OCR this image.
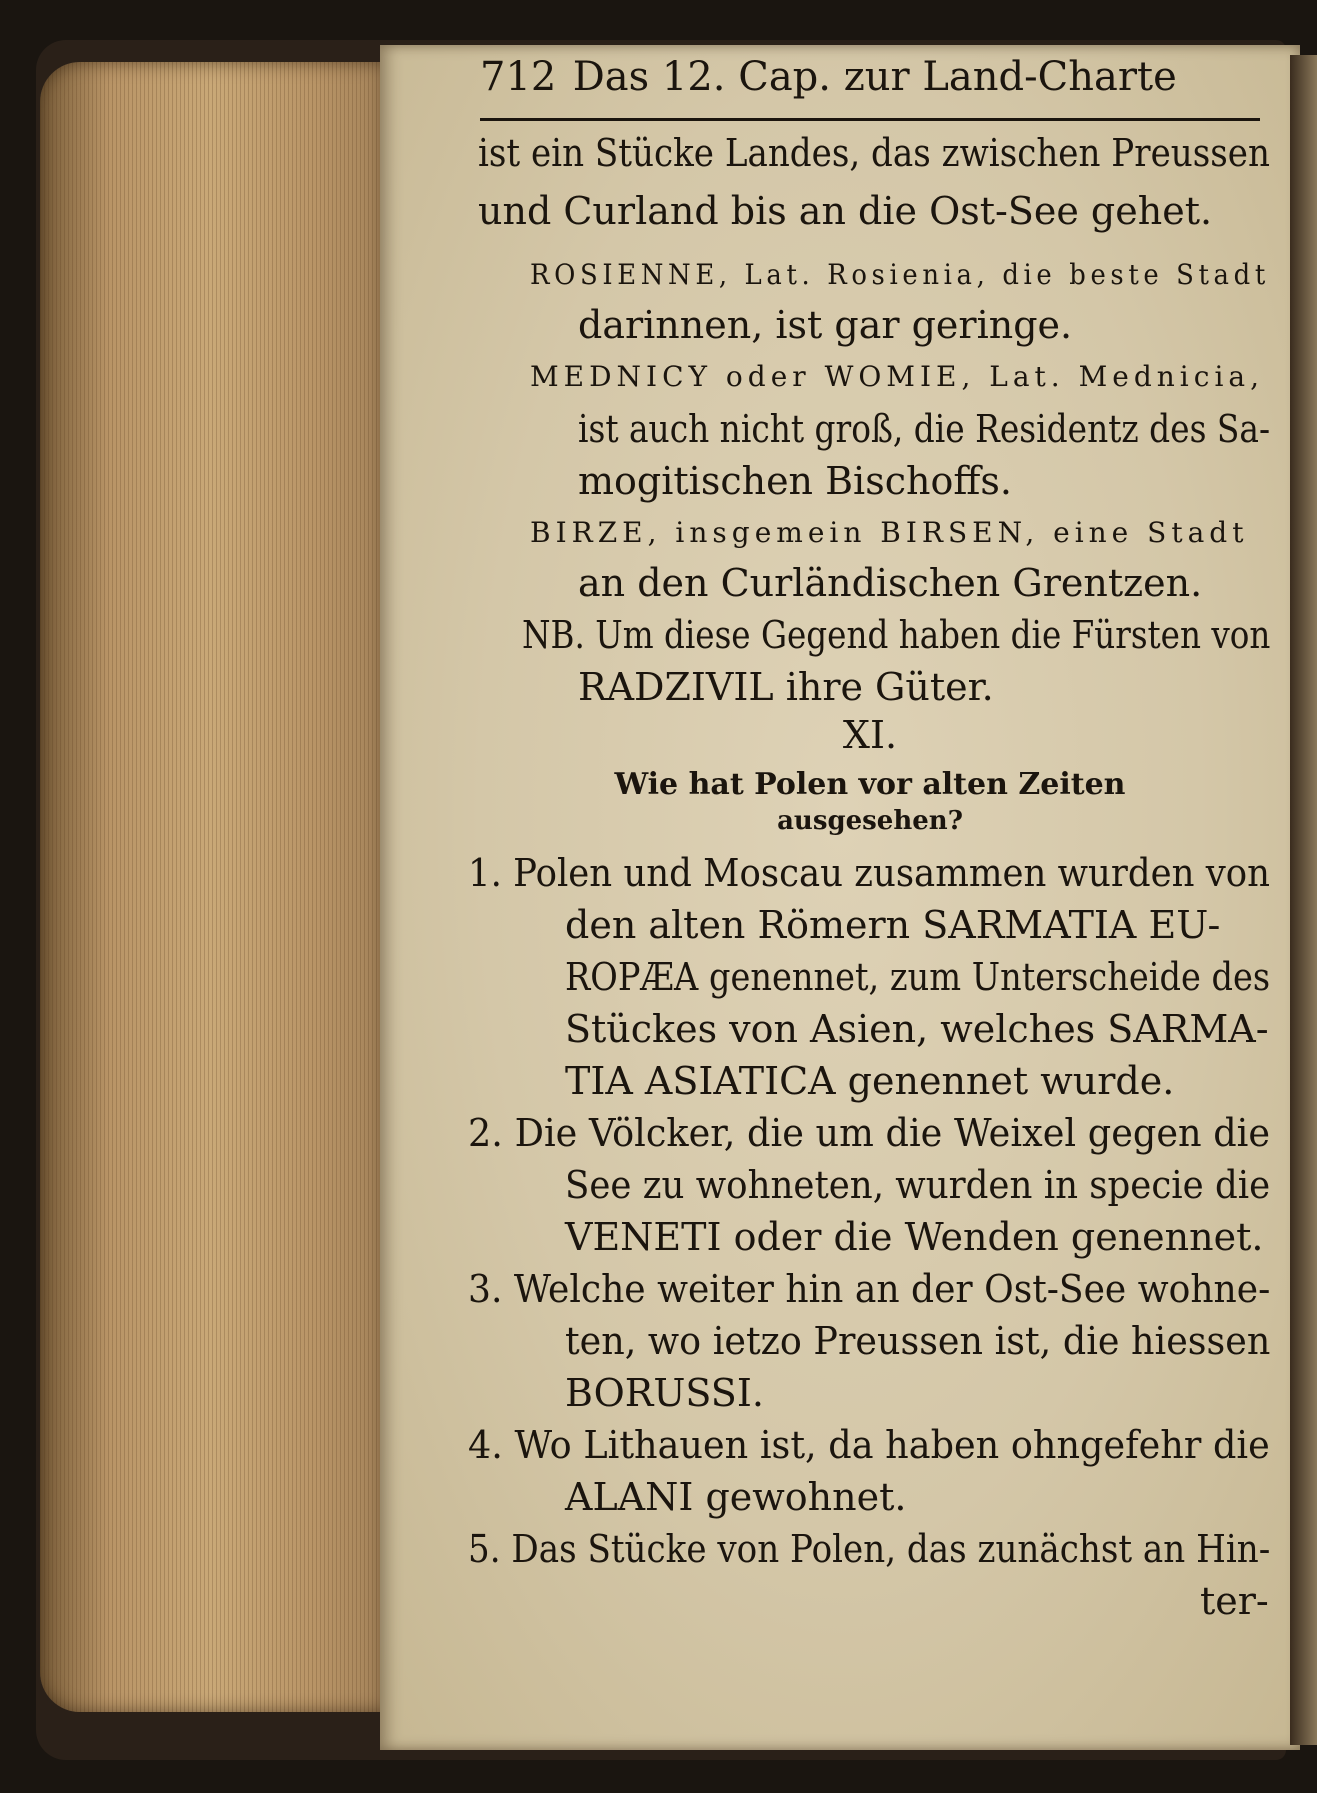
712 Das 12. Cap. zur Land-Charte
ist ein Stücke Landes, das zwischen Preussen
und Curland bis an die Ost-See gehet.
ROSIENNE, Lat. Rosienia, die beste Stadt
darinnen, ist gar geringe.
MEDNICY oder WOMIE, Lat. Mednicia,
ist auch nicht groß, die Residentz des Sa-
mogitischen Bischoffs.
BIRZE, insgemein BIRSEN, eine Stadt
an den Curländischen Grentzen.
NB. Um diese Gegend haben die Fürsten von
RADZIVIL ihre Güter.
XI.
Wie hat Polen vor alten Zeiten
ausgesehen?
1. Polen und Moscau zusammen wurden von
den alten Römern SARMATIA EU-
ROPÆA genennet, zum Unterscheide des
Stückes von Asien, welches SARMA-
TIA ASIATICA genennet wurde.
2. Die Völcker, die um die Weixel gegen die
See zu wohneten, wurden in specie die
VENETI oder die Wenden genennet.
3. Welche weiter hin an der Ost-See wohne-
ten, wo ietzo Preussen ist, die hiessen
BORUSSI.
4. Wo Lithauen ist, da haben ohngefehr die
ALANI gewohnet.
5. Das Stücke von Polen, das zunächst an Hin-
ter-
